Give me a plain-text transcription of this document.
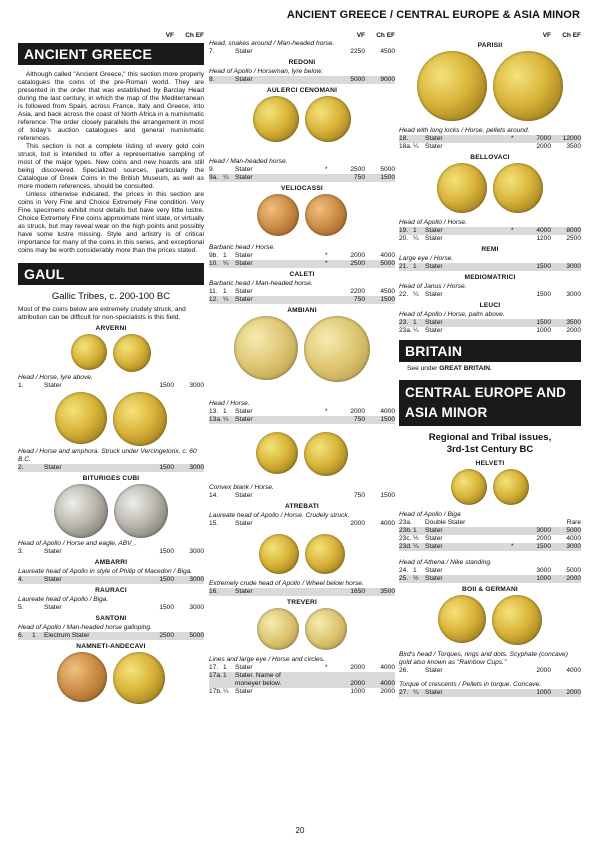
ANCIENT GREECE / CENTRAL EUROPE & ASIA MINOR
VF	Ch EF
ANCIENT GREECE

Although called "Ancient Greece," this section more properly catalogues the coins of the pre-Roman world. They are presented in the order that was established by Barclay Head during the last century, in which the map of the Mediterranean is followed from Spain, across France, Italy and Greece, into Asia, and back across the coast of North Africa in a numismatic reference. The order closely parallels the arrangement in most of today's auction catalogues and general numismatic references.

This section is not a complete listing of every gold coin struck, but is intended to offer a representative sampling of most of the major types. New coins and new hoards are still being discovered. Specialized sources, particularly the Catalogue of Greek Coins in the British Museum, as well as more modern references, should be consulted.

Unless otherwise indicated, the prices in this section are coins in Very Fine and Choice Extremely Fine condition. Very Fine specimens exhibit most details but have very little lustre. Choice Extremely Fine coins approximate mint state, or virtually as struck, but may reveal wear on the high points and possibly have some lustre missing. Style and artistry is of critical importance for many of the coins in this series, and exceptional coins may be worth considerably more than the prices stated.

GAUL
Gallic Tribes, c. 200-100 BC
Most of the coins below are extremely crudely struck, and attribution can be difficult for non-specialists is this field.
ARVERNI
Head / Horse, lyre above.
1.	Stater	1500	3000
Head / Horse and amphora. Struck under Vercingetorix, c. 60 B.C.
2.	Stater	1500	3000
BITURIGES CUBI
Head of Apollo / Horse and eagle, ABV_.
3.	Stater	1500	3000
AMBARRI
Laureate head of Apollo in style of Philip of Macedon / Biga.
4.	Stater	1500	3000
RAURACI
Laureate head of Apollo / Biga.
5.	Stater	1500	3000
SANTONI
Head of Apollo / Man-headed horse galloping.
6.	1	Electrum Stater	2500	5000
NAMNETI-ANDECAVI
VF	Ch EF
Head, snakes around / Man-headed horse.
7.	Stater	2250	4500
REDONI
Head of Apollo / Horseman, lyre below.
8.	Stater	5000	9000
AULERCI CENOMANI
Head / Man-headed horse.
9.	Stater	*	2500	5000
9a. ¼ Stater	750	1500
VELIOCASSI
Barbaric head / Horse.
9b. 1	Stater	*	2000	4000
10. ¼ Stater	*	2500	5000
CALETI
Barbaric head / Man-headed horse.
11. 1	Stater	2200	4500
12. ¼ Stater	750	1500
AMBIANI
Head / Horse.
13. 1	Stater	*	2000	4000
13a. ¼ Stater	750	1500
Convex blank / Horse.
14.	Stater	750	1500
ATREBATI
Laureate head of Apollo / Horse. Crudely struck.
15.	Stater	2000	4000
Extremely crude head of Apollo / Wheel below horse.
16.	Stater	1650	3500
TREVERI
Lines and large eye / Horse and circles.
17. 1	Stater	*	2000	4000
17a. 1	Stater. Name of
moneyer below.	2000	4000
17b. ¼ Stater	1000	2000
VF	Ch EF
PARISII
Head with long locks / Horse, pellets around.
18.	Stater	*	7000	12000
18a. ¼ Stater	2000	3500
BELLOVACI
Head of Apollo / Horse.
19. 1	Stater	*	4000	8000
20. ¼ Stater	1200	2500
REMI
Large eye / Horse.
21. 1	Stater	1500	3000
MEDIOMATRICI
Head of Janus / Horse.
22. ¼ Stater	1500	3000
LEUCI
Head of Apollo / Horse, palm above.
23. 1	Stater	1500	3500
23a. ¼ Stater	1000	2000
BRITAIN
See under GREAT BRITAIN.
CENTRAL EUROPE AND
ASIA MINOR
Regional and Tribal issues,
3rd-1st Century BC
HELVETI
Head of Apollo / Biga
23a. Double Stater	Rare
23b. 1	Stater	3000	5000
23c. ½ Stater	2000	4000
23d. ¼ Stater	*	1500	3000
Head of Athena / Nike standing.
24. 1	Stater	3000	5000
25. ½ Stater	1000	2000
BOII & GERMANI
Bird's head / Torques, rings and dots. Scyphate (concave) gold also known as "Rainbow Cups."
26.	Stater	2000	4000
Torque of crescents / Pellets in torque. Concave.
27. ¼ Stater	1000	2000
20
